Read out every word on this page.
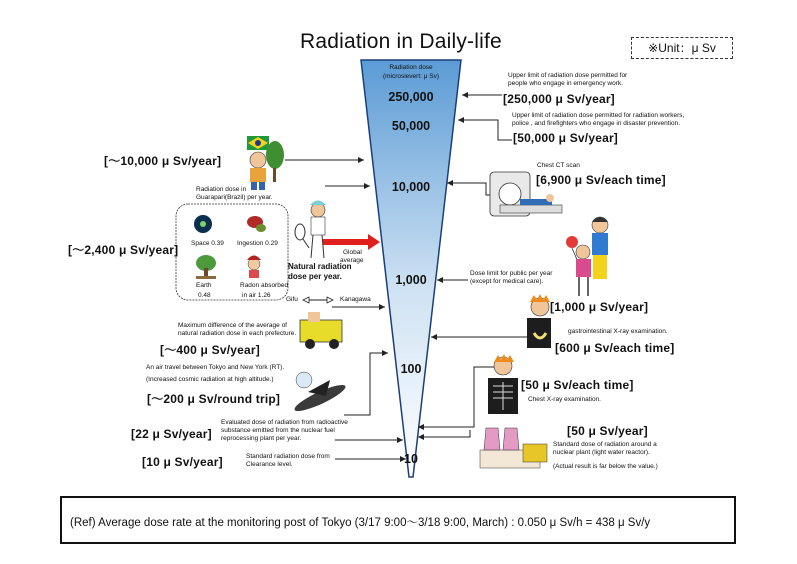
Radiation in Daily-life	※Unit：μ Sv
Radiation dose
(microsievert: μ Sv)
250,000
50,000
10,000
1,000
100
10
Upper limit of radiation dose permitted for
people who engage in emergency work.
[250,000 μ Sv/year]
Upper limit of radiation dose permitted for radiation workers,
police , and firefighters who engage in disaster prevention.
[50,000 μ Sv/year]
Chest CT scan
[6,900 μ Sv/each time]
Dose limit for public per year
(except for medical care).
[1,000 μ Sv/year]
gastrointestinal X-ray examination.
[600 μ Sv/each time]
[50 μ Sv/each time]
Chest X-ray examination.
[50 μ Sv/year]
Standard dose of radiation around a
nuclear plant (light water reactor).
(Actual result is far below the value.)
[～10,000 μ Sv/year]
Radiation dose in
Guarapari(Brazil) per year.
[～2,400 μ Sv/year] Space 0.39 Ingestion 0.29
Earth
0.48
Radon absorbed
in air 1.26
Natural radiation
dose per year.
Global
average
Gifu	Kanagawa
Maximum difference of the average of
natural radiation dose in each prefecture.
[～400 μ Sv/year]
An air travel between Tokyo and New York (RT).
(Increased cosmic radiation at high altitude.)
[～200 μ Sv/round trip]
[22 μ Sv/year]
Evaluated dose of radiation from radioactive
substance emitted from the nuclear fuel
reprocessing plant per year.
[10 μ Sv/year]	Standard radiation dose from
Clearance level.
(Ref) Average dose rate at the monitoring post of Tokyo (3/17 9:00～3/18 9:00, March) : 0.050 μ Sv/h = 438 μ Sv/y
